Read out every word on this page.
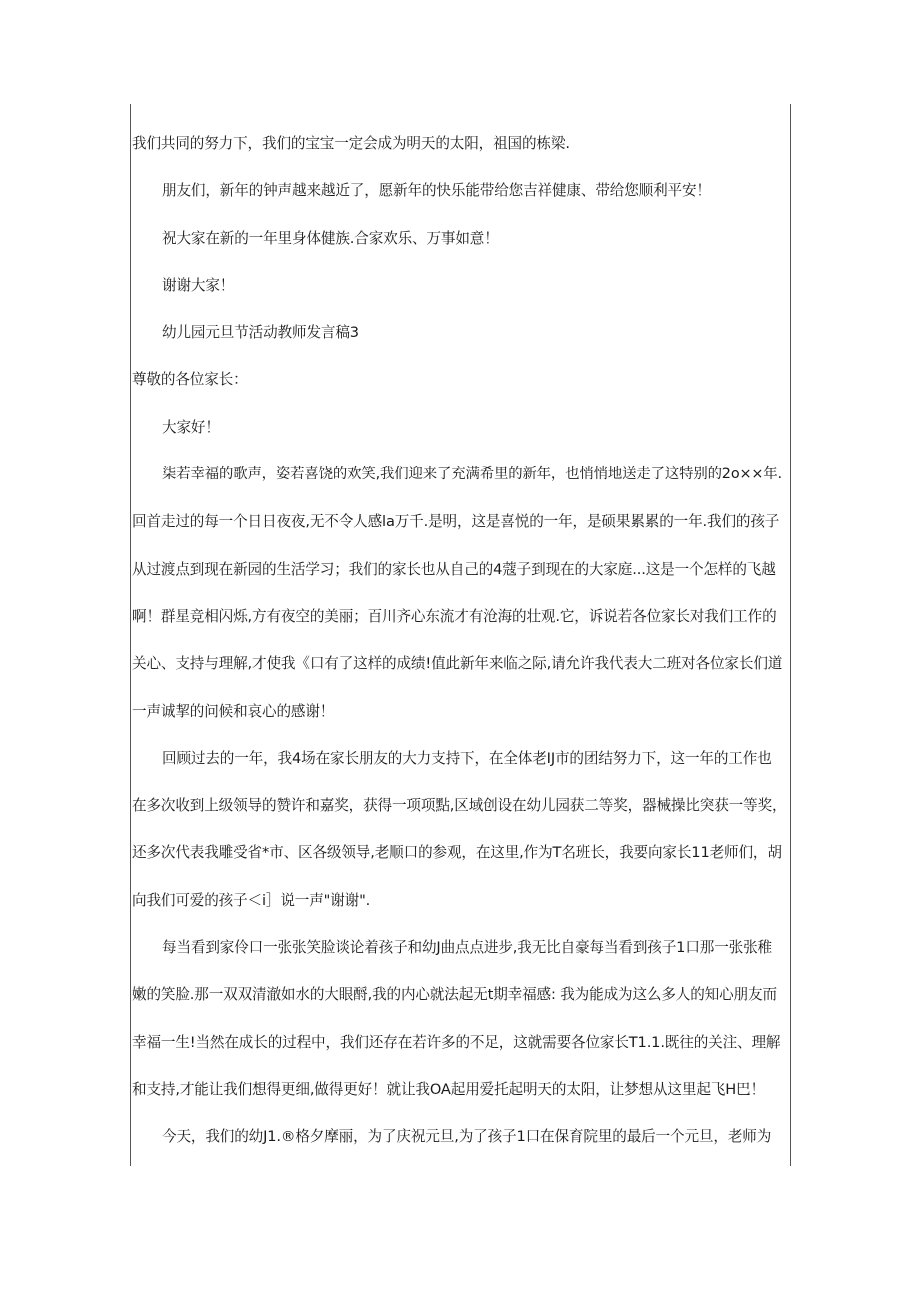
我们共同的努力下，我们的宝宝一定会成为明天的太阳，祖国的栋梁.

朋友们，新年的钟声越来越近了，愿新年的快乐能带给您吉祥健康、带给您顺利平安！

祝大家在新的一年里身体健族.合家欢乐、万事如意！

谢谢大家！

幼儿园元旦节活动教师发言稿3

尊敬的各位家长：

大家好！

柒若幸福的歌声，姿若喜饶的欢笑,我们迎来了充满希里的新年，也悄悄地送走了这特别的2o××年.

回首走过的每一个日日夜夜,无不令人感la万千.是明，这是喜悦的一年，是硕果累累的一年.我们的孩子

从过渡点到现在新园的生活学习；我们的家长也从自己的4蔻子到现在的大家庭...这是一个怎样的飞越

啊！群星竞相闪烁,方有夜空的美丽；百川齐心东流才有沧海的壮观.它，诉说若各位家长对我们工作的

关心、支持与理解,才使我《口有了这样的成绩!值此新年来临之际,请允许我代表大二班对各位家长们道

一声诚挈的问候和哀心的感谢！

回顾过去的一年，我4场在家长朋友的大力支持下，在全体老IJ市的团结努力下，这一年的工作也

在多次收到上级领导的赞许和嘉奖，获得一项项點,区域创设在幼儿园获二等奖，器械操比突获一等奖，

还多次代表我雕受省*市、区各级领导,老顺口的参观，在这里,作为T名班长，我要向家长11老师们，胡

向我们可爱的孩子＜i］说一声"谢谢".

每当看到家伶口一张张笑脸谈论着孩子和幼J曲点点进步,我无比自豪每当看到孩子1口那一张张稚

嫩的笑脸.那一双双清澈如水的大眼酹,我的内心就法起无t期幸福感: 我为能成为这么多人的知心朋友而

幸福一生!当然在成长的过程中，我们还存在若许多的不足，这就需要各位家长T1.1.既往的关注、理解

和支持,才能让我们想得更细,做得更好！就让我OA起用爱托起明天的太阳，让梦想从这里起飞H巴！

今天，我们的幼J1.®格夕摩丽，为了庆祝元旦,为了孩子1口在保育院里的最后一个元旦，老师为
